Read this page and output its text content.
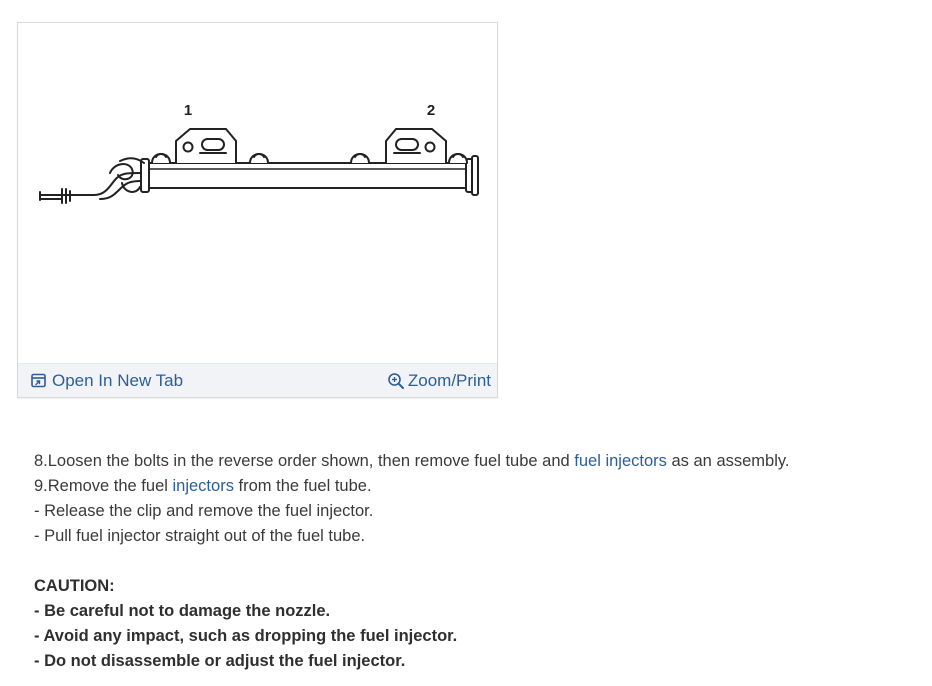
1	2
Open In New Tab	Zoom/Print

8.Loosen the bolts in the reverse order shown, then remove fuel tube and fuel injectors as an assembly.

9.Remove the fuel injectors from the fuel tube.

- Release the clip and remove the fuel injector.

- Pull fuel injector straight out of the fuel tube.

CAUTION:

- Be careful not to damage the nozzle.

- Avoid any impact, such as dropping the fuel injector.

- Do not disassemble or adjust the fuel injector.
